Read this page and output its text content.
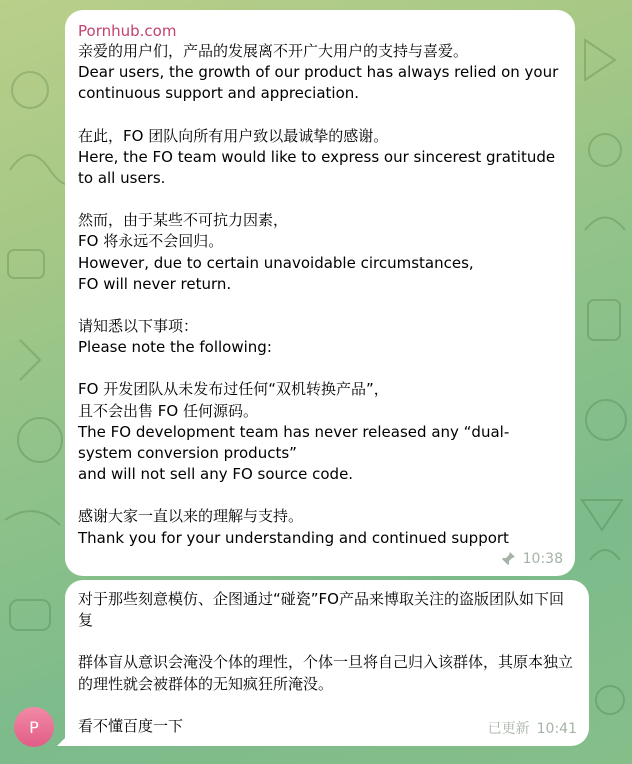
Pornhub.com

亲爱的用户们，产品的发展离不开广大用户的支持与喜爱。
Dear users, the growth of our product has always relied on your continuous support and appreciation.

在此，FO 团队向所有用户致以最诚挚的感谢。
Here, the FO team would like to express our sincerest gratitude to all users.

然而，由于某些不可抗力因素，
FO 将永远不会回归。
However, due to certain unavoidable circumstances,
FO will never return.

请知悉以下事项：
Please note the following:

FO 开发团队从未发布过任何“双机转换产品”，
且不会出售 FO 任何源码。
The FO development team has never released any “dual-system conversion products”
and will not sell any FO source code.

感谢大家一直以来的理解与支持。
Thank you for your understanding and continued support

10:38

对于那些刻意模仿、企图通过“碰瓷”FO产品来博取关注的盗版团队如下回复

群体盲从意识会淹没个体的理性，个体一旦将自己归入该群体，其原本独立的理性就会被群体的无知疯狂所淹没。

看不懂百度一下	已更新 10:41
P
